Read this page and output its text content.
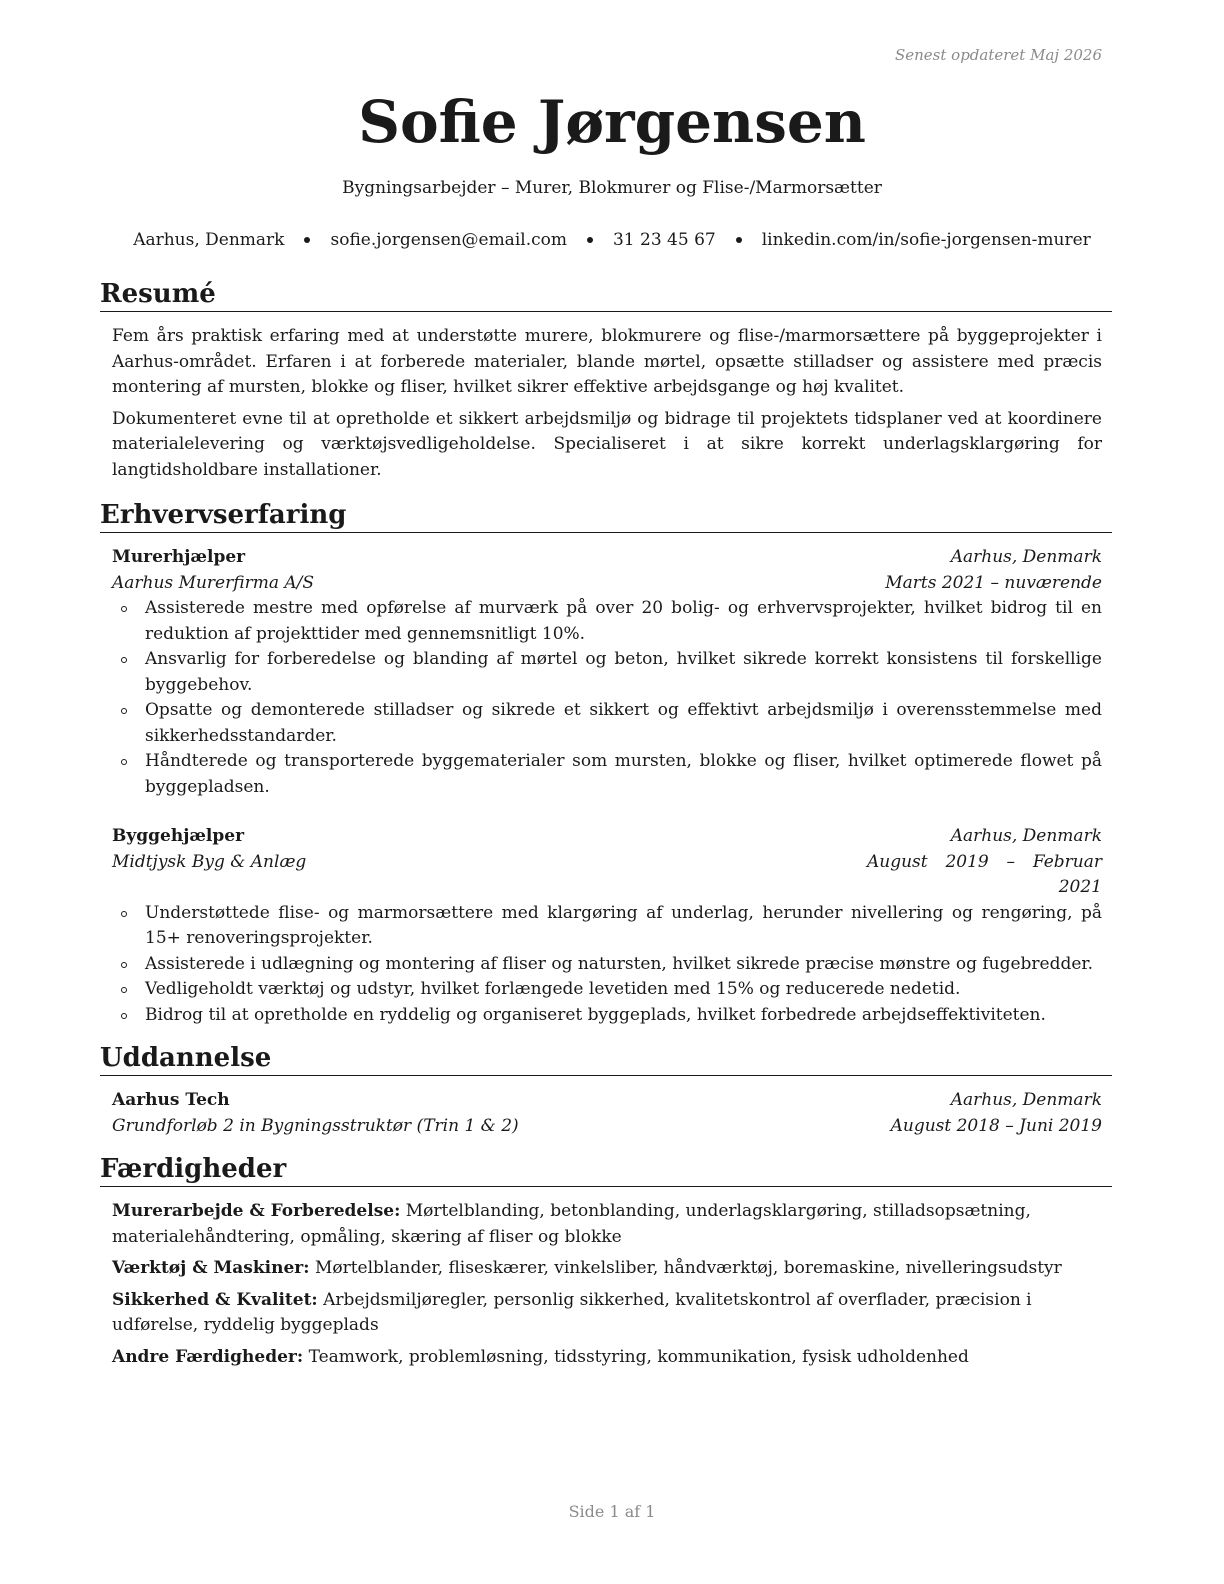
Senest opdateret Maj 2026
Sofie Jørgensen
Bygningsarbejder – Murer, Blokmurer og Flise-/Marmorsætter
Aarhus, Denmark	sofie.jorgensen@email.com	31 23 45 67	linkedin.com/in/sofie-jorgensen-murer
Resumé

Fem års praktisk erfaring med at understøtte murere, blokmurere og flise-/marmorsættere på byggeprojekter i Aarhus-området. Erfaren i at forberede materialer, blande mørtel, opsætte stilladser og assistere med præcis montering af mursten, blokke og fliser, hvilket sikrer effektive arbejdsgange og høj kvalitet.

Dokumenteret evne til at opretholde et sikkert arbejdsmiljø og bidrage til projektets tidsplaner ved at koordinere materialelevering og værktøjsvedligeholdelse. Specialiseret i at sikre korrekt underlagsklargøring for langtidsholdbare installationer.

Erhvervserfaring
Murerhjælper	Aarhus, Denmark
Aarhus Murerfirma A/S	Marts 2021 – nuværende
Assisterede mestre med opførelse af murværk på over 20 bolig- og erhvervsprojekter, hvilket bidrog til en reduktion af projekttider med gennemsnitligt 10%.
Ansvarlig for forberedelse og blanding af mørtel og beton, hvilket sikrede korrekt konsistens til forskellige byggebehov.
Opsatte og demonterede stilladser og sikrede et sikkert og effektivt arbejdsmiljø i overensstemmelse med sikkerhedsstandarder.
Håndterede og transporterede byggematerialer som mursten, blokke og fliser, hvilket optimerede flowet på byggepladsen.
Byggehjælper	Aarhus, Denmark
Midtjysk Byg & Anlæg	August 2019 – Februar 2021
Understøttede flise- og marmorsættere med klargøring af underlag, herunder nivellering og rengøring, på 15+ renoveringsprojekter.
Assisterede i udlægning og montering af fliser og natursten, hvilket sikrede præcise mønstre og fugebredder.
Vedligeholdt værktøj og udstyr, hvilket forlængede levetiden med 15% og reducerede nedetid.
Bidrog til at opretholde en ryddelig og organiseret byggeplads, hvilket forbedrede arbejdseffektiviteten.
Uddannelse
Aarhus Tech	Aarhus, Denmark
Grundforløb 2 in Bygningsstruktør (Trin 1 & 2)	August 2018 – Juni 2019
Færdigheder

Murerarbejde & Forberedelse: Mørtelblanding, betonblanding, underlagsklargøring, stilladsopsætning, materialehåndtering, opmåling, skæring af fliser og blokke

Værktøj & Maskiner: Mørtelblander, fliseskærer, vinkelsliber, håndværktøj, boremaskine, nivelleringsudstyr

Sikkerhed & Kvalitet: Arbejdsmiljøregler, personlig sikkerhed, kvalitetskontrol af overflader, præcision i udførelse, ryddelig byggeplads

Andre Færdigheder: Teamwork, problemløsning, tidsstyring, kommunikation, fysisk udholdenhed

Side 1 af 1
